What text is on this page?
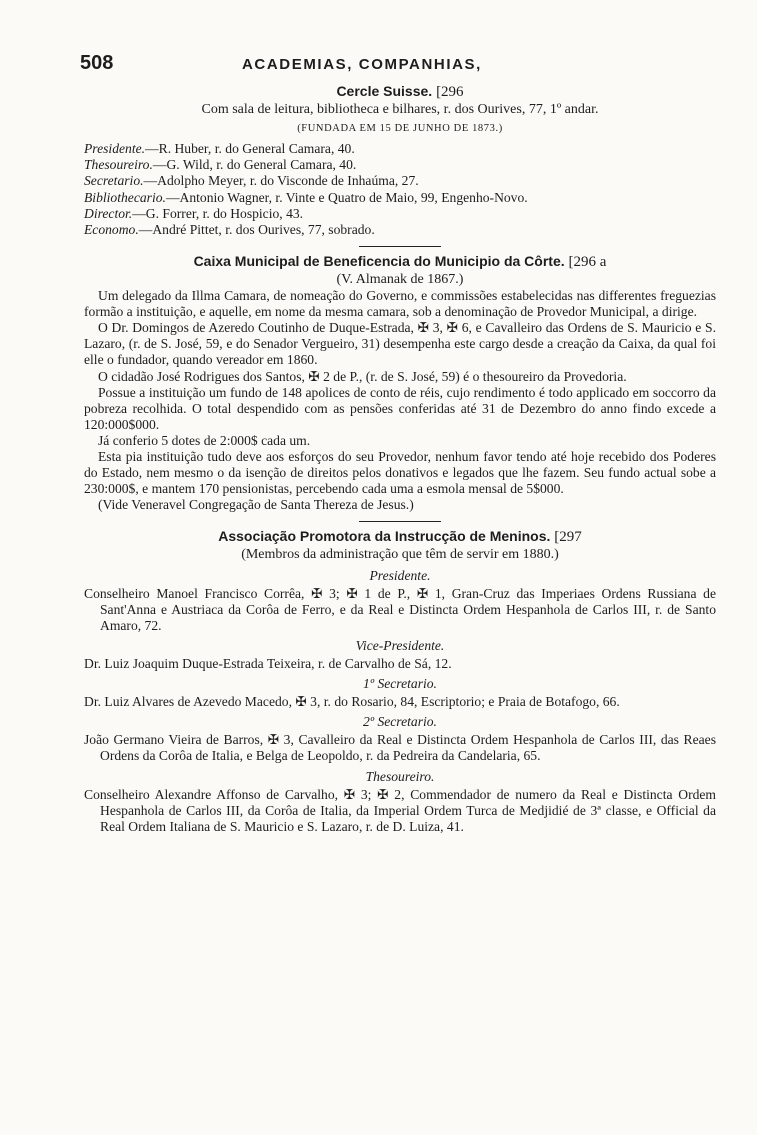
508	ACADEMIAS, COMPANHIAS,
Cercle Suisse. [296
Com sala de leitura, bibliotheca e bilhares, r. dos Ourives, 77, 1º andar.
(FUNDADA EM 15 DE JUNHO DE 1873.)
Presidente.—R. Huber, r. do General Camara, 40.
Thesoureiro.—G. Wild, r. do General Camara, 40.
Secretario.—Adolpho Meyer, r. do Visconde de Inhaúma, 27.
Bibliothecario.—Antonio Wagner, r. Vinte e Quatro de Maio, 99, Engenho-Novo.
Director.—G. Forrer, r. do Hospicio, 43.
Economo.—André Pittet, r. dos Ourives, 77, sobrado.
Caixa Municipal de Beneficencia do Municipio da Côrte. [296 a
(V. Almanak de 1867.)

Um delegado da Illma Camara, de nomeação do Governo, e commissões estabelecidas nas differentes freguezias formão a instituição, e aquelle, em nome da mesma camara, sob a denominação de Provedor Municipal, a dirige.

O Dr. Domingos de Azeredo Coutinho de Duque-Estrada, ✠ 3, ✠ 6, e Cavalleiro das Ordens de S. Mauricio e S. Lazaro, (r. de S. José, 59, e do Senador Vergueiro, 31) desempenha este cargo desde a creação da Caixa, da qual foi elle o fundador, quando vereador em 1860.

O cidadão José Rodrigues dos Santos, ✠ 2 de P., (r. de S. José, 59) é o thesoureiro da Provedoria.

Possue a instituição um fundo de 148 apolices de conto de réis, cujo rendimento é todo applicado em soccorro da pobreza recolhida. O total despendido com as pensões conferidas até 31 de Dezembro do anno findo excede a 120:000$000.

Já conferio 5 dotes de 2:000$ cada um.

Esta pia instituição tudo deve aos esforços do seu Provedor, nenhum favor tendo até hoje recebido dos Poderes do Estado, nem mesmo o da isenção de direitos pelos donativos e legados que lhe fazem. Seu fundo actual sobe a 230:000$, e mantem 170 pensionistas, percebendo cada uma a esmola mensal de 5$000.

(Vide Veneravel Congregação de Santa Thereza de Jesus.)

Associação Promotora da Instrucção de Meninos. [297
(Membros da administração que têm de servir em 1880.)
Presidente.

Conselheiro Manoel Francisco Corrêa, ✠ 3; ✠ 1 de P., ✠ 1, Gran-Cruz das Imperiaes Ordens Russiana de Sant'Anna e Austriaca da Corôa de Ferro, e da Real e Distincta Ordem Hespanhola de Carlos III, r. de Santo Amaro, 72.

Vice-Presidente.

Dr. Luiz Joaquim Duque-Estrada Teixeira, r. de Carvalho de Sá, 12.

1º Secretario.

Dr. Luiz Alvares de Azevedo Macedo, ✠ 3, r. do Rosario, 84, Escriptorio; e Praia de Botafogo, 66.

2º Secretario.

João Germano Vieira de Barros, ✠ 3, Cavalleiro da Real e Distincta Ordem Hespanhola de Carlos III, das Reaes Ordens da Corôa de Italia, e Belga de Leopoldo, r. da Pedreira da Candelaria, 65.

Thesoureiro.

Conselheiro Alexandre Affonso de Carvalho, ✠ 3; ✠ 2, Commendador de numero da Real e Distincta Ordem Hespanhola de Carlos III, da Corôa de Italia, da Imperial Ordem Turca de Medjidié de 3ª classe, e Official da Real Ordem Italiana de S. Mauricio e S. Lazaro, r. de D. Luiza, 41.
